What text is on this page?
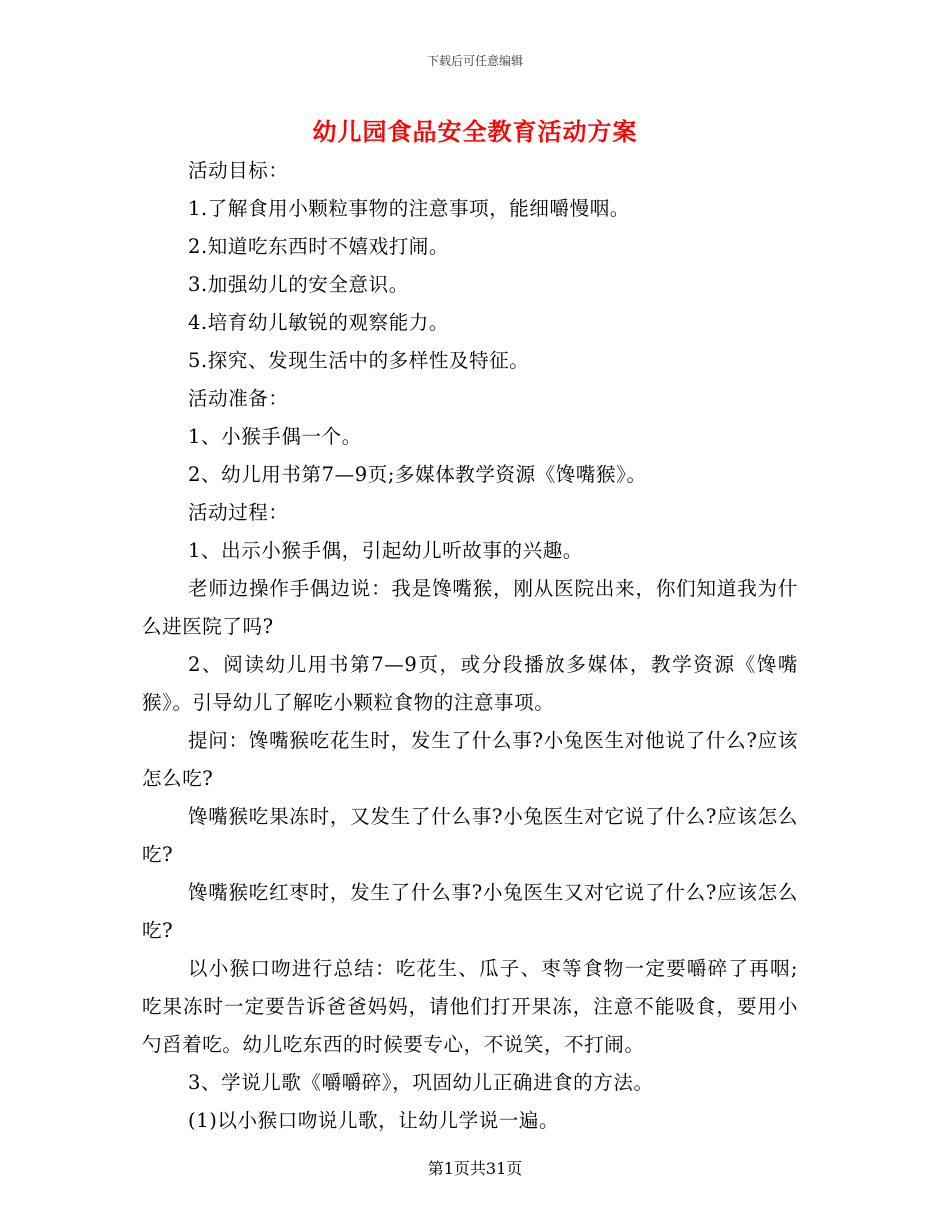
下载后可任意编辑
幼儿园食品安全教育活动方案

活动目标：

1.了解食用小颗粒事物的注意事项，能细嚼慢咽。

2.知道吃东西时不嬉戏打闹。

3.加强幼儿的安全意识。

4.培育幼儿敏锐的观察能力。

5.探究、发现生活中的多样性及特征。

活动准备：

1、小猴手偶一个。

2、幼儿用书第7—9页;多媒体教学资源《馋嘴猴》。

活动过程：

1、出示小猴手偶，引起幼儿听故事的兴趣。

老师边操作手偶边说：我是馋嘴猴，刚从医院出来，你们知道我为什么进医院了吗?

2、阅读幼儿用书第7—9页，或分段播放多媒体，教学资源《馋嘴猴》。引导幼儿了解吃小颗粒食物的注意事项。

提问：馋嘴猴吃花生时，发生了什么事?小兔医生对他说了什么?应该怎么吃?

馋嘴猴吃果冻时，又发生了什么事?小兔医生对它说了什么?应该怎么吃?

馋嘴猴吃红枣时，发生了什么事?小兔医生又对它说了什么?应该怎么吃?

以小猴口吻进行总结：吃花生、瓜子、枣等食物一定要嚼碎了再咽;吃果冻时一定要告诉爸爸妈妈，请他们打开果冻，注意不能吸食，要用小勺舀着吃。幼儿吃东西的时候要专心，不说笑，不打闹。

3、学说儿歌《嚼嚼碎》，巩固幼儿正确进食的方法。

(1)以小猴口吻说儿歌，让幼儿学说一遍。

第1页共31页
